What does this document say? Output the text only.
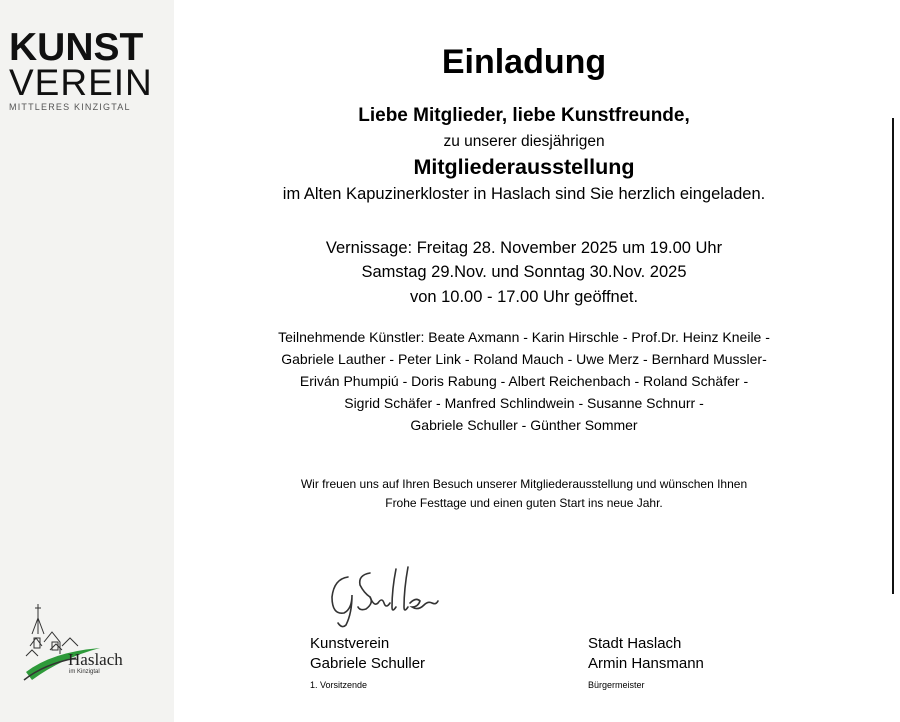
KUNST
VEREIN
MITTLERES KINZIGTAL
Haslach
im Kinzigtal
Einladung
Liebe Mitglieder, liebe Kunstfreunde,
zu unserer diesjährigen
Mitgliederausstellung
im Alten Kapuzinerkloster in Haslach sind Sie herzlich eingeladen.
Vernissage: Freitag 28. November 2025 um 19.00 Uhr
Samstag 29.Nov. und Sonntag 30.Nov. 2025
von 10.00 - 17.00 Uhr geöffnet.
Teilnehmende Künstler: Beate Axmann - Karin Hirschle - Prof.Dr. Heinz Kneile -
Gabriele Lauther - Peter Link - Roland Mauch - Uwe Merz - Bernhard Mussler-
Eriván Phumpiú - Doris Rabung - Albert Reichenbach - Roland Schäfer -
Sigrid Schäfer - Manfred Schlindwein - Susanne Schnurr -
Gabriele Schuller - Günther Sommer
Wir freuen uns auf Ihren Besuch unserer Mitgliederausstellung und wünschen Ihnen
Frohe Festtage und einen guten Start ins neue Jahr.
Kunstverein
Gabriele Schuller
1. Vorsitzende
Stadt Haslach
Armin Hansmann
Bürgermeister
